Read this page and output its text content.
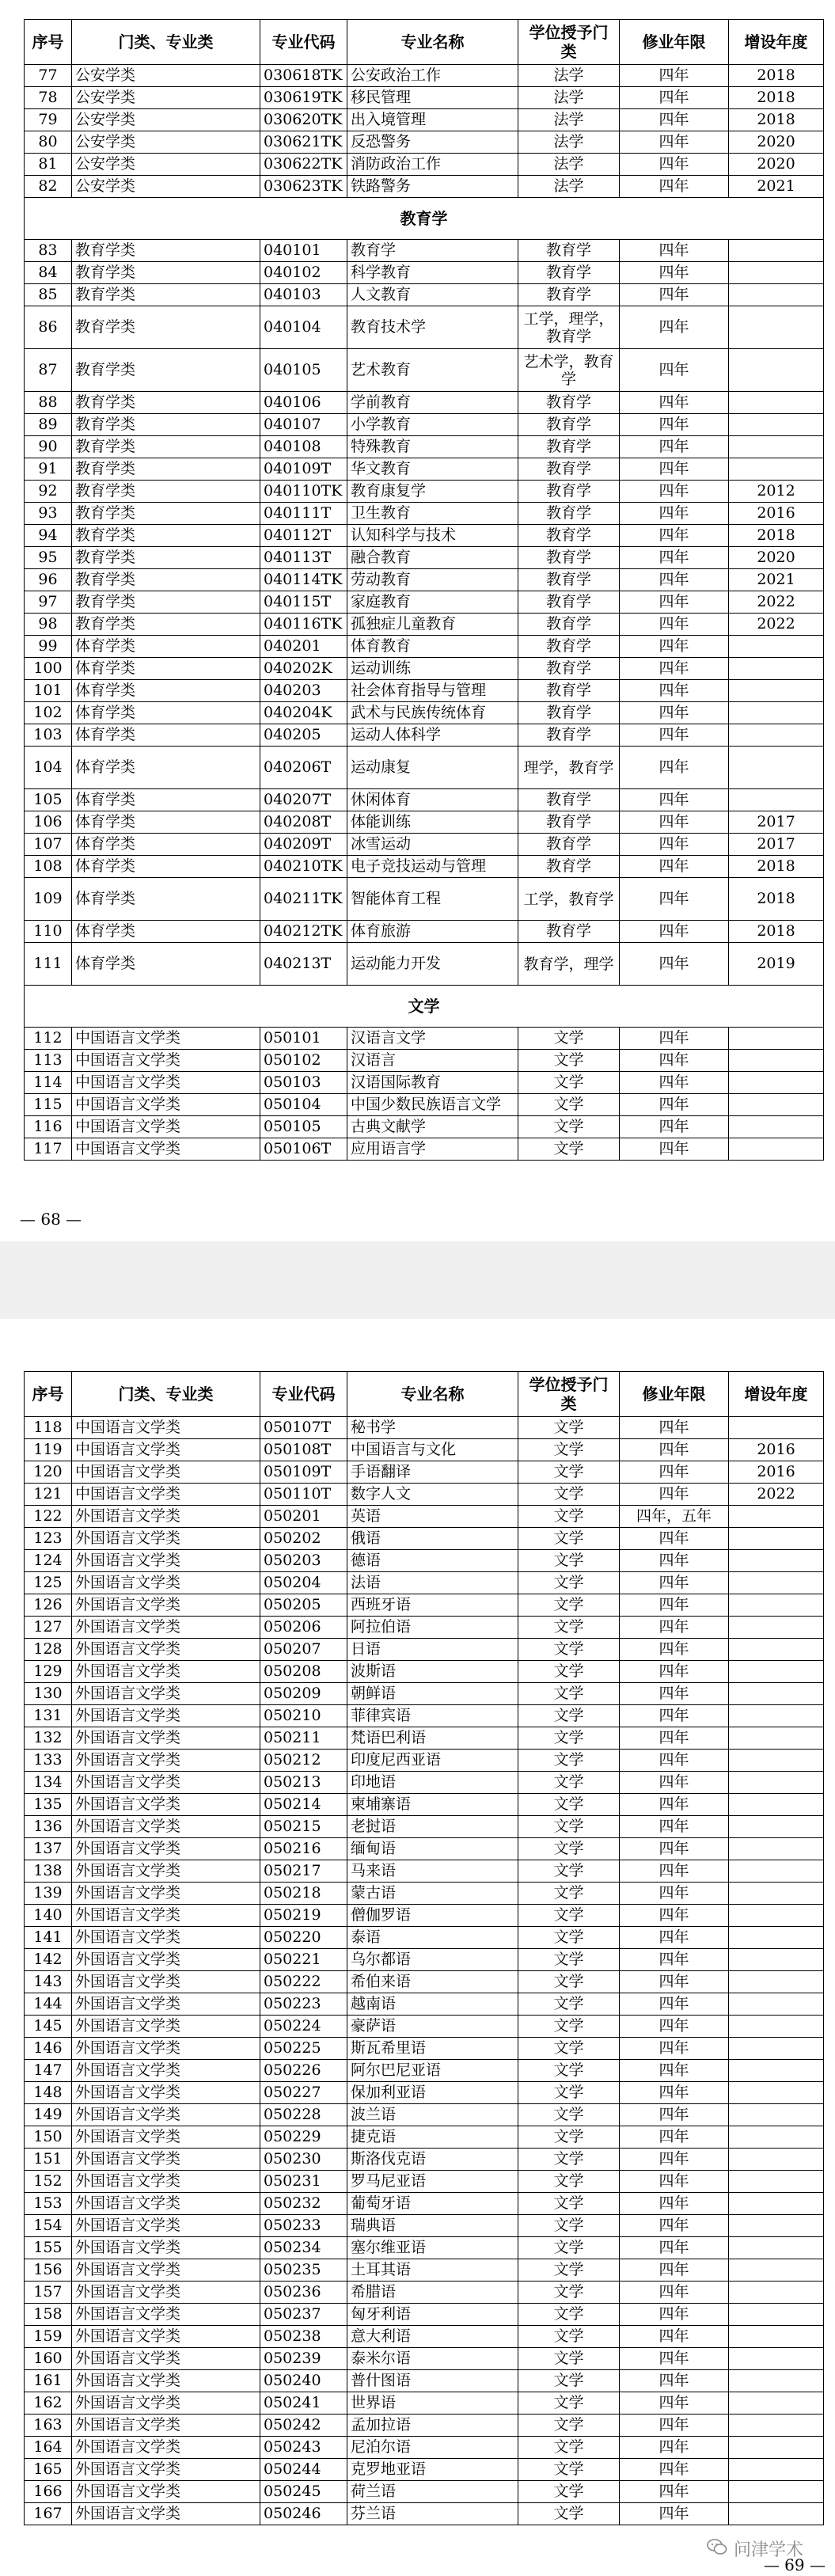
序号	门类、专业类	专业代码	专业名称	学位授予门类	修业年限	增设年度
77	公安学类	030618TK	公安政治工作	法学	四年	2018
78	公安学类	030619TK	移民管理	法学	四年	2018
79	公安学类	030620TK	出入境管理	法学	四年	2018
80	公安学类	030621TK	反恐警务	法学	四年	2020
81	公安学类	030622TK	消防政治工作	法学	四年	2020
82	公安学类	030623TK	铁路警务	法学	四年	2021
教育学						
83	教育学类	040101	教育学	教育学	四年	
84	教育学类	040102	科学教育	教育学	四年	
85	教育学类	040103	人文教育	教育学	四年	
86	教育学类	040104	教育技术学	工学，理学，教育学	四年	
87	教育学类	040105	艺术教育	艺术学，教育学	四年	
88	教育学类	040106	学前教育	教育学	四年	
89	教育学类	040107	小学教育	教育学	四年	
90	教育学类	040108	特殊教育	教育学	四年	
91	教育学类	040109T	华文教育	教育学	四年	
92	教育学类	040110TK	教育康复学	教育学	四年	2012
93	教育学类	040111T	卫生教育	教育学	四年	2016
94	教育学类	040112T	认知科学与技术	教育学	四年	2018
95	教育学类	040113T	融合教育	教育学	四年	2020
96	教育学类	040114TK	劳动教育	教育学	四年	2021
97	教育学类	040115T	家庭教育	教育学	四年	2022
98	教育学类	040116TK	孤独症儿童教育	教育学	四年	2022
99	体育学类	040201	体育教育	教育学	四年	
100	体育学类	040202K	运动训练	教育学	四年	
101	体育学类	040203	社会体育指导与管理	教育学	四年	
102	体育学类	040204K	武术与民族传统体育	教育学	四年	
103	体育学类	040205	运动人体科学	教育学	四年	
104	体育学类	040206T	运动康复	理学，教育学	四年	
105	体育学类	040207T	休闲体育	教育学	四年	
106	体育学类	040208T	体能训练	教育学	四年	2017
107	体育学类	040209T	冰雪运动	教育学	四年	2017
108	体育学类	040210TK	电子竞技运动与管理	教育学	四年	2018
109	体育学类	040211TK	智能体育工程	工学，教育学	四年	2018
110	体育学类	040212TK	体育旅游	教育学	四年	2018
111	体育学类	040213T	运动能力开发	教育学，理学	四年	2019
文学						
112	中国语言文学类	050101	汉语言文学	文学	四年	
113	中国语言文学类	050102	汉语言	文学	四年	
114	中国语言文学类	050103	汉语国际教育	文学	四年	
115	中国语言文学类	050104	中国少数民族语言文学	文学	四年	
116	中国语言文学类	050105	古典文献学	文学	四年	
117	中国语言文学类	050106T	应用语言学	文学	四年	
— 68 —
序号	门类、专业类	专业代码	专业名称	学位授予门类	修业年限	增设年度
118	中国语言文学类	050107T	秘书学	文学	四年	
119	中国语言文学类	050108T	中国语言与文化	文学	四年	2016
120	中国语言文学类	050109T	手语翻译	文学	四年	2016
121	中国语言文学类	050110T	数字人文	文学	四年	2022
122	外国语言文学类	050201	英语	文学	四年，五年	
123	外国语言文学类	050202	俄语	文学	四年	
124	外国语言文学类	050203	德语	文学	四年	
125	外国语言文学类	050204	法语	文学	四年	
126	外国语言文学类	050205	西班牙语	文学	四年	
127	外国语言文学类	050206	阿拉伯语	文学	四年	
128	外国语言文学类	050207	日语	文学	四年	
129	外国语言文学类	050208	波斯语	文学	四年	
130	外国语言文学类	050209	朝鲜语	文学	四年	
131	外国语言文学类	050210	菲律宾语	文学	四年	
132	外国语言文学类	050211	梵语巴利语	文学	四年	
133	外国语言文学类	050212	印度尼西亚语	文学	四年	
134	外国语言文学类	050213	印地语	文学	四年	
135	外国语言文学类	050214	柬埔寨语	文学	四年	
136	外国语言文学类	050215	老挝语	文学	四年	
137	外国语言文学类	050216	缅甸语	文学	四年	
138	外国语言文学类	050217	马来语	文学	四年	
139	外国语言文学类	050218	蒙古语	文学	四年	
140	外国语言文学类	050219	僧伽罗语	文学	四年	
141	外国语言文学类	050220	泰语	文学	四年	
142	外国语言文学类	050221	乌尔都语	文学	四年	
143	外国语言文学类	050222	希伯来语	文学	四年	
144	外国语言文学类	050223	越南语	文学	四年	
145	外国语言文学类	050224	豪萨语	文学	四年	
146	外国语言文学类	050225	斯瓦希里语	文学	四年	
147	外国语言文学类	050226	阿尔巴尼亚语	文学	四年	
148	外国语言文学类	050227	保加利亚语	文学	四年	
149	外国语言文学类	050228	波兰语	文学	四年	
150	外国语言文学类	050229	捷克语	文学	四年	
151	外国语言文学类	050230	斯洛伐克语	文学	四年	
152	外国语言文学类	050231	罗马尼亚语	文学	四年	
153	外国语言文学类	050232	葡萄牙语	文学	四年	
154	外国语言文学类	050233	瑞典语	文学	四年	
155	外国语言文学类	050234	塞尔维亚语	文学	四年	
156	外国语言文学类	050235	土耳其语	文学	四年	
157	外国语言文学类	050236	希腊语	文学	四年	
158	外国语言文学类	050237	匈牙利语	文学	四年	
159	外国语言文学类	050238	意大利语	文学	四年	
160	外国语言文学类	050239	泰米尔语	文学	四年	
161	外国语言文学类	050240	普什图语	文学	四年	
162	外国语言文学类	050241	世界语	文学	四年	
163	外国语言文学类	050242	孟加拉语	文学	四年	
164	外国语言文学类	050243	尼泊尔语	文学	四年	
165	外国语言文学类	050244	克罗地亚语	文学	四年	
166	外国语言文学类	050245	荷兰语	文学	四年	
167	外国语言文学类	050246	芬兰语	文学	四年	
— 69 —
问津学术
